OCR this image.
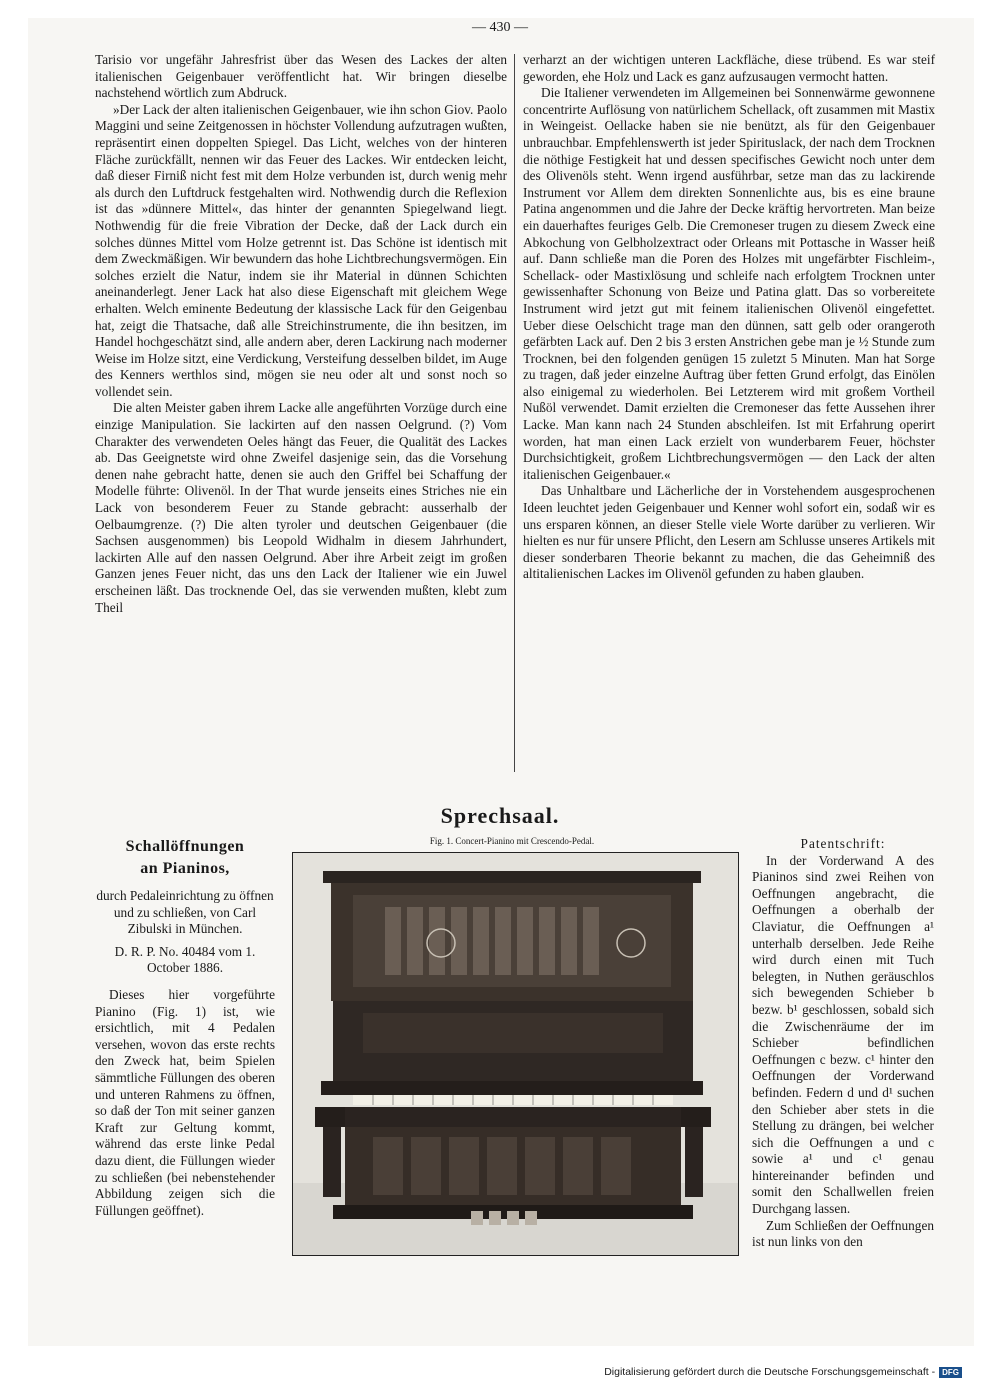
— 430 —

Tarisio vor ungefähr Jahresfrist über das Wesen des Lackes der alten italienischen Geigenbauer veröffentlicht hat. Wir bringen dieselbe nachstehend wörtlich zum Abdruck.

»Der Lack der alten italienischen Geigenbauer, wie ihn schon Giov. Paolo Maggini und seine Zeitgenossen in höchster Vollendung aufzutragen wußten, repräsentirt einen doppelten Spiegel. Das Licht, welches von der hinteren Fläche zurückfällt, nennen wir das Feuer des Lackes. Wir entdecken leicht, daß dieser Firniß nicht fest mit dem Holze verbunden ist, durch wenig mehr als durch den Luftdruck festgehalten wird. Nothwendig durch die Reflexion ist das »dünnere Mittel«, das hinter der genannten Spiegelwand liegt. Nothwendig für die freie Vibration der Decke, daß der Lack durch ein solches dünnes Mittel vom Holze getrennt ist. Das Schöne ist identisch mit dem Zweckmäßigen. Wir bewundern das hohe Lichtbrechungsvermögen. Ein solches erzielt die Natur, indem sie ihr Material in dünnen Schichten aneinanderlegt. Jener Lack hat also diese Eigenschaft mit gleichem Wege erhalten. Welch eminente Bedeutung der klassische Lack für den Geigenbau hat, zeigt die Thatsache, daß alle Streichinstrumente, die ihn besitzen, im Handel hochgeschätzt sind, alle andern aber, deren Lackirung nach moderner Weise im Holze sitzt, eine Verdickung, Versteifung desselben bildet, im Auge des Kenners werthlos sind, mögen sie neu oder alt und sonst noch so vollendet sein.

Die alten Meister gaben ihrem Lacke alle angeführten Vorzüge durch eine einzige Manipulation. Sie lackirten auf den nassen Oelgrund. (?) Vom Charakter des verwendeten Oeles hängt das Feuer, die Qualität des Lackes ab. Das Geeignetste wird ohne Zweifel dasjenige sein, das die Vorsehung denen nahe gebracht hatte, denen sie auch den Griffel bei Schaffung der Modelle führte: Olivenöl. In der That wurde jenseits eines Striches nie ein Lack von besonderem Feuer zu Stande gebracht: ausserhalb der Oelbaumgrenze. (?) Die alten tyroler und deutschen Geigenbauer (die Sachsen ausgenommen) bis Leopold Widhalm in diesem Jahrhundert, lackirten Alle auf den nassen Oelgrund. Aber ihre Arbeit zeigt im großen Ganzen jenes Feuer nicht, das uns den Lack der Italiener wie ein Juwel erscheinen läßt. Das trocknende Oel, das sie verwenden mußten, klebt zum Theil

verharzt an der wichtigen unteren Lackfläche, diese trübend. Es war steif geworden, ehe Holz und Lack es ganz aufzusaugen vermocht hatten.

Die Italiener verwendeten im Allgemeinen bei Sonnenwärme gewonnene concentrirte Auflösung von natürlichem Schellack, oft zusammen mit Mastix in Weingeist. Oellacke haben sie nie benützt, als für den Geigenbauer unbrauchbar. Empfehlenswerth ist jeder Spirituslack, der nach dem Trocknen die nöthige Festigkeit hat und dessen specifisches Gewicht noch unter dem des Olivenöls steht. Wenn irgend ausführbar, setze man das zu lackirende Instrument vor Allem dem direkten Sonnenlichte aus, bis es eine braune Patina angenommen und die Jahre der Decke kräftig hervortreten. Man beize ein dauerhaftes feuriges Gelb. Die Cremoneser trugen zu diesem Zweck eine Abkochung von Gelbholzextract oder Orleans mit Pottasche in Wasser heiß auf. Dann schließe man die Poren des Holzes mit ungefärbter Fischleim-, Schellack- oder Mastixlösung und schleife nach erfolgtem Trocknen unter gewissenhafter Schonung von Beize und Patina glatt. Das so vorbereitete Instrument wird jetzt gut mit feinem italienischen Olivenöl eingefettet. Ueber diese Oelschicht trage man den dünnen, satt gelb oder orangeroth gefärbten Lack auf. Den 2 bis 3 ersten Anstrichen gebe man je ½ Stunde zum Trocknen, bei den folgenden genügen 15 zuletzt 5 Minuten. Man hat Sorge zu tragen, daß jeder einzelne Auftrag über fetten Grund erfolgt, das Einölen also einigemal zu wiederholen. Bei Letzterem wird mit großem Vortheil Nußöl verwendet. Damit erzielten die Cremoneser das fette Aussehen ihrer Lacke. Man kann nach 24 Stunden abschleifen. Ist mit Erfahrung operirt worden, hat man einen Lack erzielt von wunderbarem Feuer, höchster Durchsichtigkeit, großem Lichtbrechungsvermögen — den Lack der alten italienischen Geigenbauer.«

Das Unhaltbare und Lächerliche der in Vorstehendem ausgesprochenen Ideen leuchtet jeden Geigenbauer und Kenner wohl sofort ein, sodaß wir es uns ersparen können, an dieser Stelle viele Worte darüber zu verlieren. Wir hielten es nur für unsere Pflicht, den Lesern am Schlusse unseres Artikels mit dieser sonderbaren Theorie bekannt zu machen, die das Geheimniß des altitalienischen Lackes im Olivenöl gefunden zu haben glauben.

Sprechsaal.
Schallöffnungen
an Pianinos,
durch Pedaleinrichtung zu öffnen und zu schließen, von Carl Zibulski in München.
D. R. P. No. 40484 vom 1. October 1886.
Dieses hier vorgeführte Pianino (Fig. 1) ist, wie ersichtlich, mit 4 Pedalen versehen, wovon das erste rechts den Zweck hat, beim Spielen sämmtliche Füllungen des oberen und unteren Rahmens zu öffnen, so daß der Ton mit seiner ganzen Kraft zur Geltung kommt, während das erste linke Pedal dazu dient, die Füllungen wieder zu schließen (bei nebenstehender Abbildung zeigen sich die Füllungen geöffnet).
Fig. 1. Concert-Pianino mit Crescendo-Pedal.	Patentschrift:

In der Vorderwand A des Pianinos sind zwei Reihen von Oeffnungen angebracht, die Oeffnungen a oberhalb der Claviatur, die Oeffnungen a¹ unterhalb derselben. Jede Reihe wird durch einen mit Tuch belegten, in Nuthen geräuschlos sich bewegenden Schieber b bezw. b¹ geschlossen, sobald sich die Zwischenräume der im Schieber befindlichen Oeffnungen c bezw. c¹ hinter den Oeffnungen der Vorderwand befinden. Federn d und d¹ suchen den Schieber aber stets in die Stellung zu drängen, bei welcher sich die Oeffnungen a und c sowie a¹ und c¹ genau hintereinander befinden und somit den Schallwellen freien Durchgang lassen.

Zum Schließen der Oeffnungen ist nun links von den

Digitalisierung gefördert durch die Deutsche Forschungsgemeinschaft - DFG
